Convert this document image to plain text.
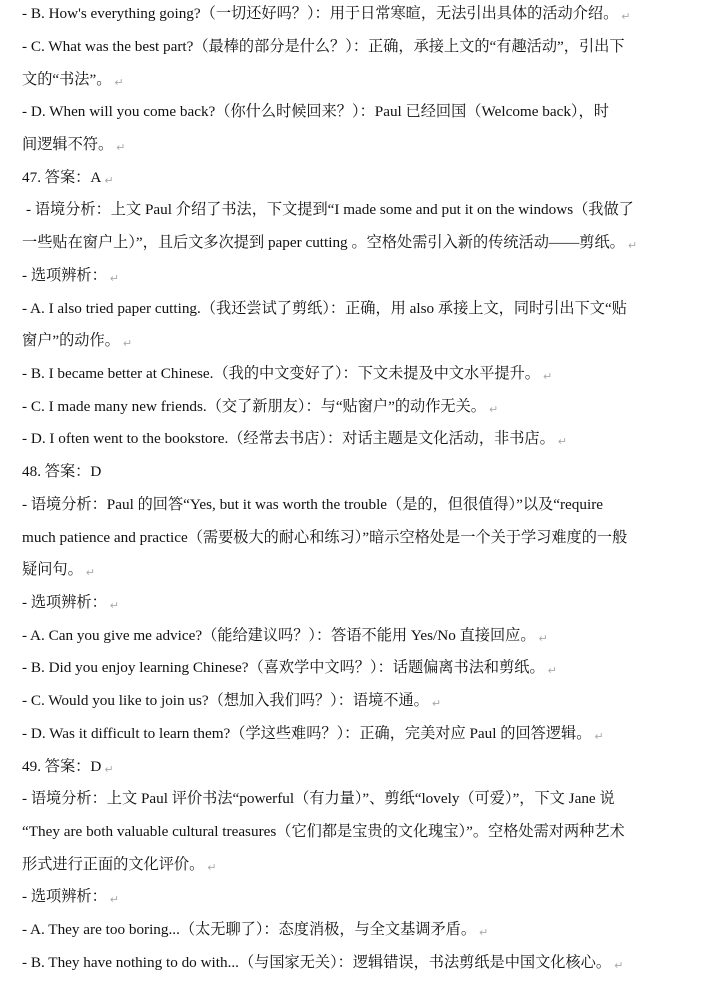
- B. How's everything going?（一切还好吗？）：用于日常寒暄，无法引出具体的活动介绍。 ↵
- C. What was the best part?（最棒的部分是什么？）：正确，承接上文的“有趣活动”，引出下
文的“书法”。 ↵
- D. When will you come back?（你什么时候回来？）：Paul 已经回国（Welcome back），时
间逻辑不符。 ↵
47. 答案：A ↵
- 语境分析：上文 Paul 介绍了书法，下文提到“I made some and put it on the windows（我做了
一些贴在窗户上）”，且后文多次提到 paper cutting 。空格处需引入新的传统活动——剪纸。 ↵
- 选项辨析： ↵
- A. I also tried paper cutting.（我还尝试了剪纸）：正确，用 also 承接上文，同时引出下文“贴
窗户”的动作。 ↵
- B. I became better at Chinese.（我的中文变好了）：下文未提及中文水平提升。 ↵
- C. I made many new friends.（交了新朋友）：与“贴窗户”的动作无关。 ↵
- D. I often went to the bookstore.（经常去书店）：对话主题是文化活动，非书店。 ↵
48. 答案：D
- 语境分析：Paul 的回答“Yes, but it was worth the trouble（是的，但很值得）”以及“require
much patience and practice（需要极大的耐心和练习）”暗示空格处是一个关于学习难度的一般
疑问句。 ↵
- 选项辨析： ↵
- A. Can you give me advice?（能给建议吗？）：答语不能用 Yes/No 直接回应。 ↵
- B. Did you enjoy learning Chinese?（喜欢学中文吗？）：话题偏离书法和剪纸。 ↵
- C. Would you like to join us?（想加入我们吗？）：语境不通。 ↵
- D. Was it difficult to learn them?（学这些难吗？）：正确，完美对应 Paul 的回答逻辑。 ↵
49. 答案：D ↵
- 语境分析：上文 Paul 评价书法“powerful（有力量）”、剪纸“lovely（可爱）”，下文 Jane 说
“They are both valuable cultural treasures（它们都是宝贵的文化瑰宝）”。空格处需对两种艺术
形式进行正面的文化评价。 ↵
- 选项辨析： ↵
- A. They are too boring...（太无聊了）：态度消极，与全文基调矛盾。 ↵
- B. They have nothing to do with...（与国家无关）：逻辑错误，书法剪纸是中国文化核心。 ↵
